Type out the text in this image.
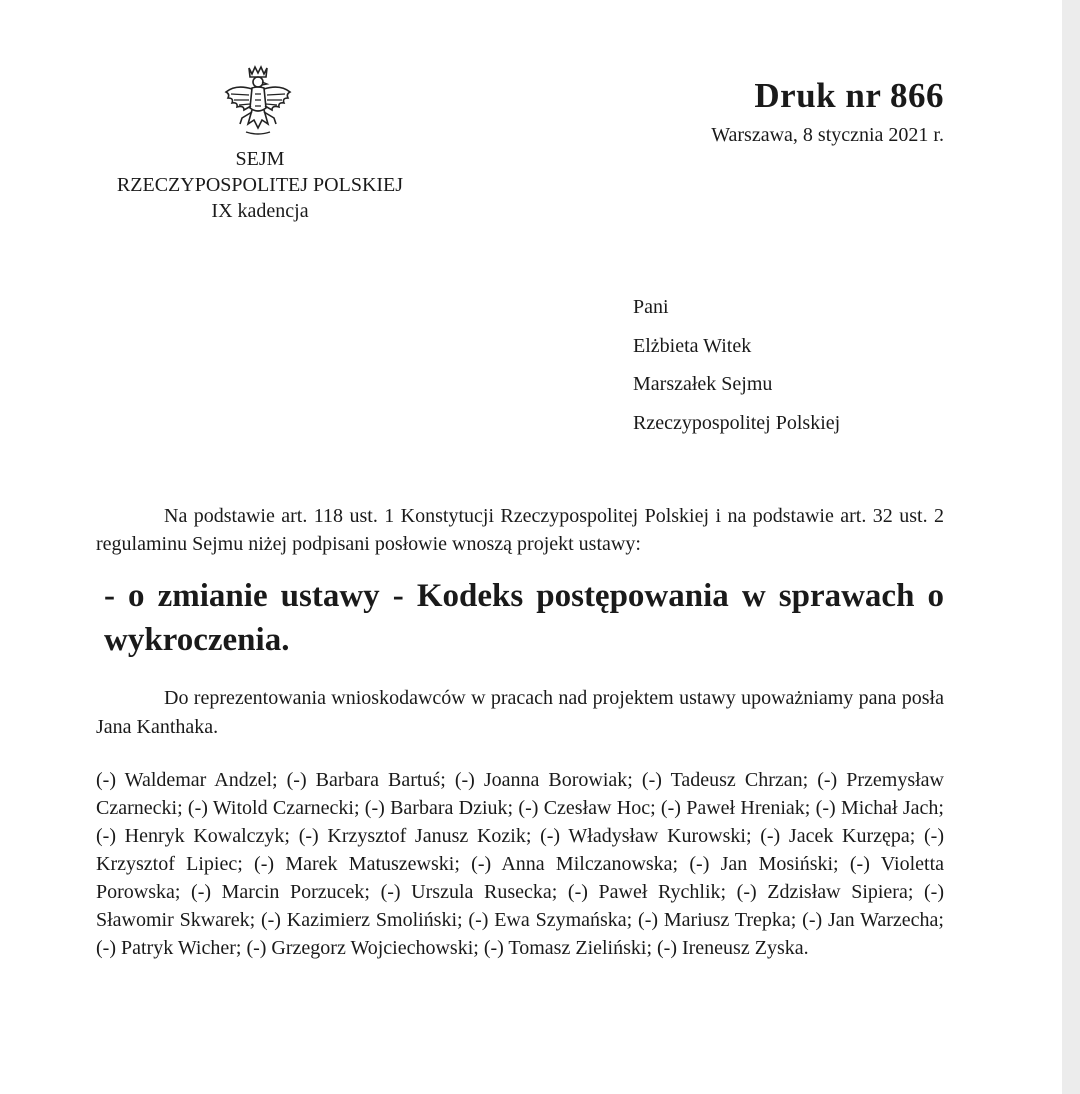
SEJM
RZECZYPOSPOLITEJ POLSKIEJ
IX kadencja
Druk nr 866
Warszawa, 8 stycznia 2021 r.
Pani
Elżbieta Witek
Marszałek Sejmu
Rzeczypospolitej Polskiej
Na podstawie art. 118 ust. 1 Konstytucji Rzeczypospolitej Polskiej i na podstawie art. 32 ust. 2 regulaminu Sejmu niżej podpisani posłowie wnoszą projekt ustawy:
- o zmianie ustawy - Kodeks postępowania w sprawach o wykroczenia.
Do reprezentowania wnioskodawców w pracach nad projektem ustawy upoważniamy pana posła Jana Kanthaka.
(-) Waldemar Andzel; (-) Barbara Bartuś; (-) Joanna Borowiak; (-) Tadeusz Chrzan; (-) Przemysław Czarnecki; (-) Witold Czarnecki; (-) Barbara Dziuk; (-) Czesław Hoc; (-) Paweł Hreniak; (-) Michał Jach; (-) Henryk Kowalczyk; (-) Krzysztof Janusz Kozik; (-) Władysław Kurowski; (-) Jacek Kurzępa; (-) Krzysztof Lipiec; (-) Marek Matuszewski; (-) Anna Milczanowska; (-) Jan Mosiński; (-) Violetta Porowska; (-) Marcin Porzucek; (-) Urszula Rusecka; (-) Paweł Rychlik; (-) Zdzisław Sipiera; (-) Sławomir Skwarek; (-) Kazimierz Smoliński; (-) Ewa Szymańska; (-) Mariusz Trepka; (-) Jan Warzecha; (-) Patryk Wicher; (-) Grzegorz Wojciechowski; (-) Tomasz Zieliński; (-) Ireneusz Zyska.
